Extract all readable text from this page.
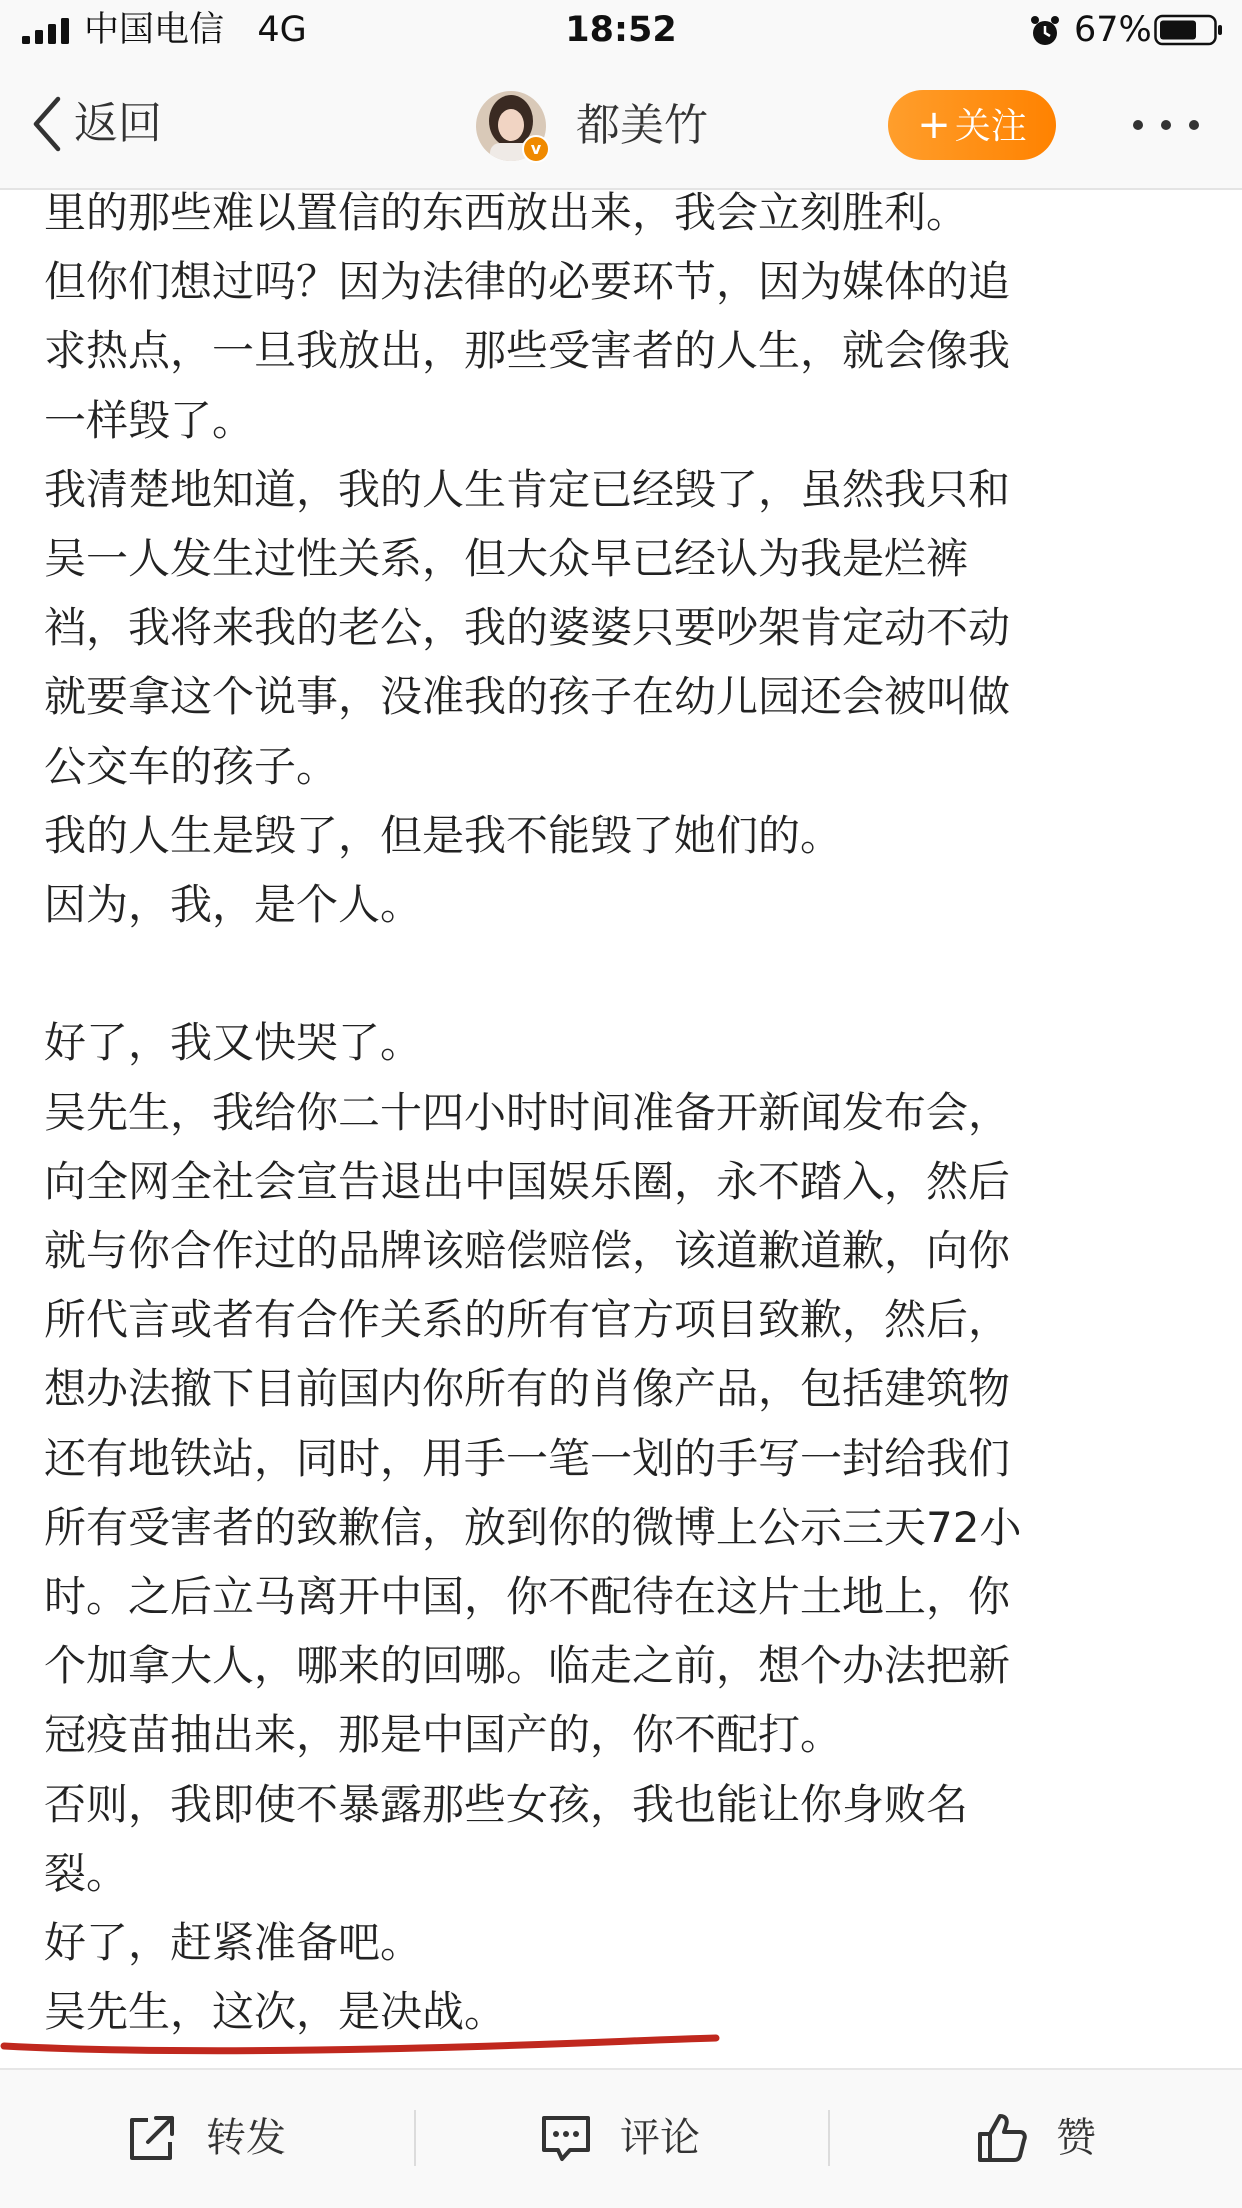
中国电信 4G	18:52	67%
返回	v 都美竹	+ 关注

里的那些难以置信的东西放出来，我会立刻胜利。

但你们想过吗？因为法律的必要环节，因为媒体的追

求热点，一旦我放出，那些受害者的人生，就会像我

一样毁了。

我清楚地知道，我的人生肯定已经毁了，虽然我只和

吴一人发生过性关系，但大众早已经认为我是烂裤

裆，我将来我的老公，我的婆婆只要吵架肯定动不动

就要拿这个说事，没准我的孩子在幼儿园还会被叫做

公交车的孩子。

我的人生是毁了，但是我不能毁了她们的。

因为，我，是个人。

好了，我又快哭了。

吴先生，我给你二十四小时时间准备开新闻发布会，

向全网全社会宣告退出中国娱乐圈，永不踏入，然后

就与你合作过的品牌该赔偿赔偿，该道歉道歉，向你

所代言或者有合作关系的所有官方项目致歉，然后，

想办法撤下目前国内你所有的肖像产品，包括建筑物

还有地铁站，同时，用手一笔一划的手写一封给我们

所有受害者的致歉信，放到你的微博上公示三天72小

时。之后立马离开中国，你不配待在这片土地上，你

个加拿大人，哪来的回哪。临走之前，想个办法把新

冠疫苗抽出来，那是中国产的，你不配打。

否则，我即使不暴露那些女孩，我也能让你身败名

裂。

好了，赶紧准备吧。

吴先生，这次，是决战。

转发	评论	赞
